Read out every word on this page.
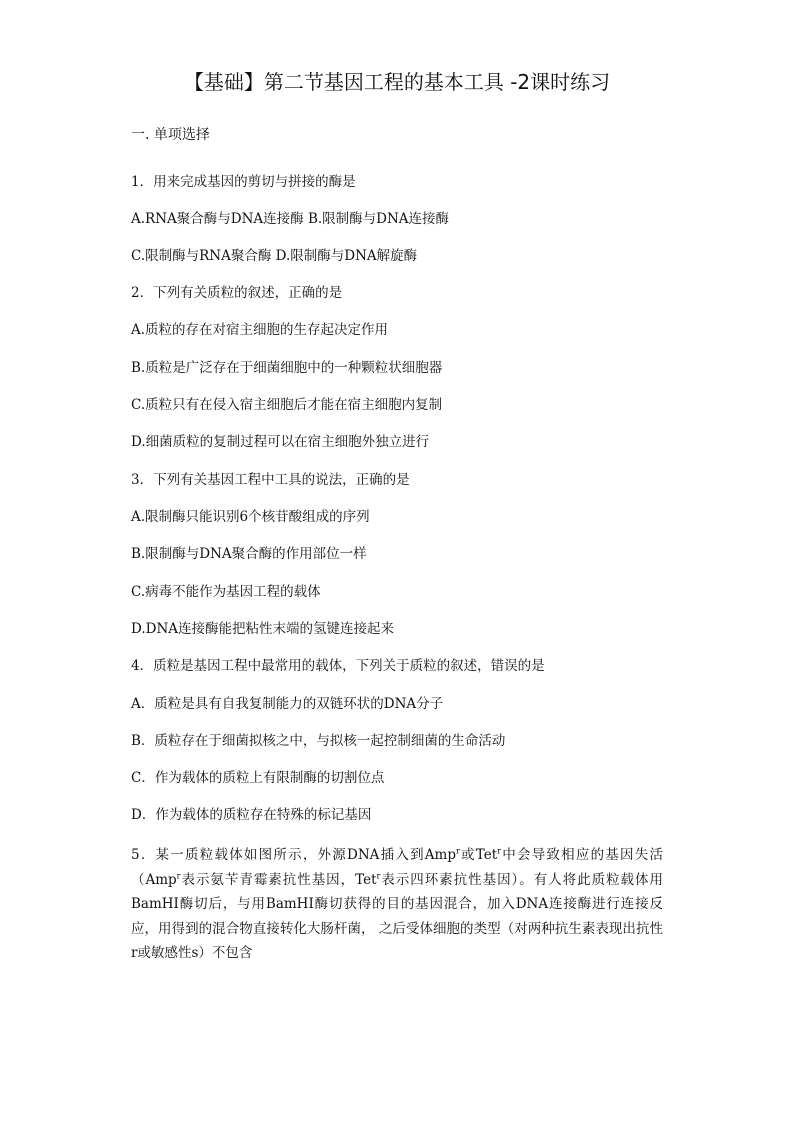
【基础】第二节基因工程的基本工具 -2课时练习
一. 单项选择
1．用来完成基因的剪切与拼接的酶是
A.RNA聚合酶与DNA连接酶 B.限制酶与DNA连接酶
C.限制酶与RNA聚合酶 D.限制酶与DNA解旋酶
2．下列有关质粒的叙述，正确的是
A.质粒的存在对宿主细胞的生存起决定作用
B.质粒是广泛存在于细菌细胞中的一种颗粒状细胞器
C.质粒只有在侵入宿主细胞后才能在宿主细胞内复制
D.细菌质粒的复制过程可以在宿主细胞外独立进行
3．下列有关基因工程中工具的说法，正确的是
A.限制酶只能识别6个核苷酸组成的序列
B.限制酶与DNA聚合酶的作用部位一样
C.病毒不能作为基因工程的载体
D.DNA连接酶能把粘性末端的氢键连接起来
4．质粒是基因工程中最常用的载体，下列关于质粒的叙述，错误的是
A．质粒是具有自我复制能力的双链环状的DNA分子
B．质粒存在于细菌拟核之中，与拟核一起控制细菌的生命活动
C．作为载体的质粒上有限制酶的切割位点
D．作为载体的质粒存在特殊的标记基因
5．某一质粒载体如图所示，外源DNA插入到Amp$^r$或Tet$^r$中会导致相应的基因失活（Amp$^r$表示氨苄青霉素抗性基因，Tet$^r$表示四环素抗性基因）。有人将此质粒载体用BamHI酶切后，与用BamHI酶切获得的目的基因混合，加入DNA连接酶进行连接反应，用得到的混合物直接转化大肠杆菌， 之后受体细胞的类型（对两种抗生素表现出抗性r或敏感性s）不包含
